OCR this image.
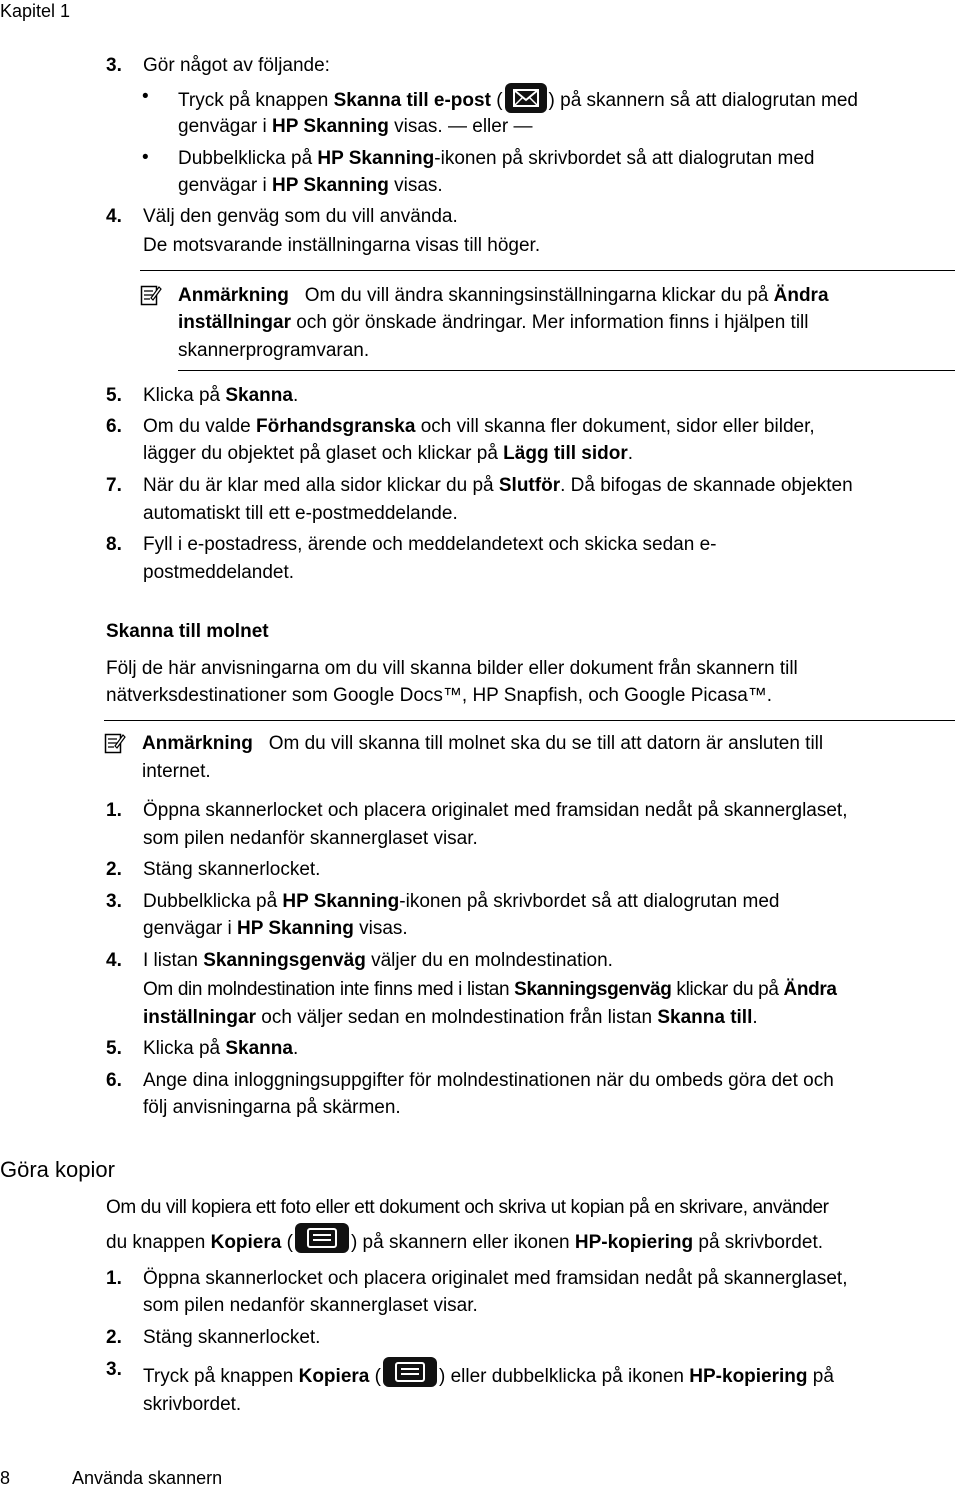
Kapitel 1
3. Gör något av följande:
• Tryck på knappen Skanna till e-post ( ) på skannern så att dialogrutan med
genvägar i HP Skanning visas. — eller —
• Dubbelklicka på HP Skanning-ikonen på skrivbordet så att dialogrutan med
genvägar i HP Skanning visas.
4. Välj den genväg som du vill använda.
De motsvarande inställningarna visas till höger.
Anmärkning Om du vill ändra skanningsinställningarna klickar du på Ändra
inställningar och gör önskade ändringar. Mer information finns i hjälpen till
skannerprogramvaran.
5. Klicka på Skanna.
6. Om du valde Förhandsgranska och vill skanna fler dokument, sidor eller bilder,
lägger du objektet på glaset och klickar på Lägg till sidor.
7. När du är klar med alla sidor klickar du på Slutför. Då bifogas de skannade objekten
automatiskt till ett e-postmeddelande.
8. Fyll i e-postadress, ärende och meddelandetext och skicka sedan e-
postmeddelandet.
Skanna till molnet
Följ de här anvisningarna om du vill skanna bilder eller dokument från skannern till
nätverksdestinationer som Google Docs™, HP Snapfish, och Google Picasa™.
Anmärkning Om du vill skanna till molnet ska du se till att datorn är ansluten till
internet.
1. Öppna skannerlocket och placera originalet med framsidan nedåt på skannerglaset,
som pilen nedanför skannerglaset visar.
2. Stäng skannerlocket.
3. Dubbelklicka på HP Skanning-ikonen på skrivbordet så att dialogrutan med
genvägar i HP Skanning visas.
4. I listan Skanningsgenväg väljer du en molndestination.
Om din molndestination inte finns med i listan Skanningsgenväg klickar du på Ändra
inställningar och väljer sedan en molndestination från listan Skanna till.
5. Klicka på Skanna.
6. Ange dina inloggningsuppgifter för molndestinationen när du ombeds göra det och
följ anvisningarna på skärmen.
Göra kopior
Om du vill kopiera ett foto eller ett dokument och skriva ut kopian på en skrivare, använder
du knappen Kopiera (	) på skannern eller ikonen HP-kopiering på skrivbordet.
1. Öppna skannerlocket och placera originalet med framsidan nedåt på skannerglaset,
som pilen nedanför skannerglaset visar.
2. Stäng skannerlocket.
3. Tryck på knappen Kopiera (	) eller dubbelklicka på ikonen HP-kopiering på
skrivbordet.
8	Använda skannern
